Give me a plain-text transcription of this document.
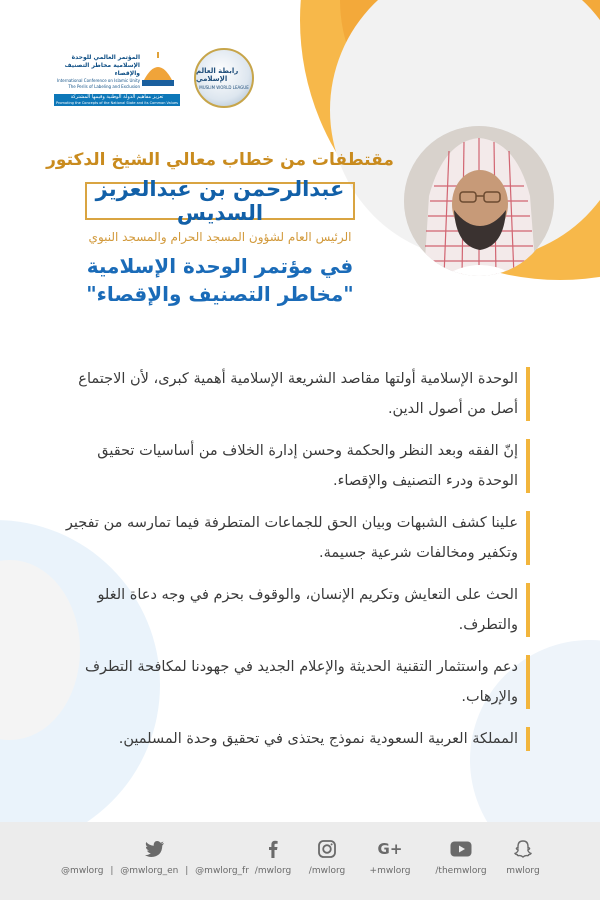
المؤتمر العالمي للوحدة الإسلامية مخاطر التصنيف والإقصاء
International Conference on Islamic Unity
The Perils of Labeling and Exclusion
تعزيز مفاهيم الدولة الوطنية وقيمها المشتركة
Promoting the Concepts of the National State and its Common Values
رابطة العالم الإسلامي
MUSLIM WORLD LEAGUE
مقتطفات من خطاب معالي الشيخ الدكتور
عبدالرحمن بن عبدالعزيز السديس
الرئيس العام لشؤون المسجد الحرام والمسجد النبوي
في مؤتمر الوحدة الإسلامية
"مخاطر التصنيف والإقصاء"
الوحدة الإسلامية أولتها مقاصد الشريعة الإسلامية أهمية كبرى، لأن الاجتماع أصل من أصول الدين.
إنّ الفقه وبعد النظر والحكمة وحسن إدارة الخلاف من أساسيات تحقيق الوحدة ودرء التصنيف والإقصاء.
علينا كشف الشبهات وبيان الحق للجماعات المتطرفة فيما تمارسه من تفجير وتكفير ومخالفات شرعية جسيمة.
الحث على التعايش وتكريم الإنسان، والوقوف بحزم في وجه دعاة الغلو والتطرف.
دعم واستثمار التقنية الحديثة والإعلام الجديد في جهودنا لمكافحة التطرف والإرهاب.
المملكة العربية السعودية نموذج يحتذى في تحقيق وحدة المسلمين.
@mwlorg | @mwlorg_en | @mwlorg_fr /mwlorg /mwlorg
G+
+mwlorg	/themwlorg mwlorg
